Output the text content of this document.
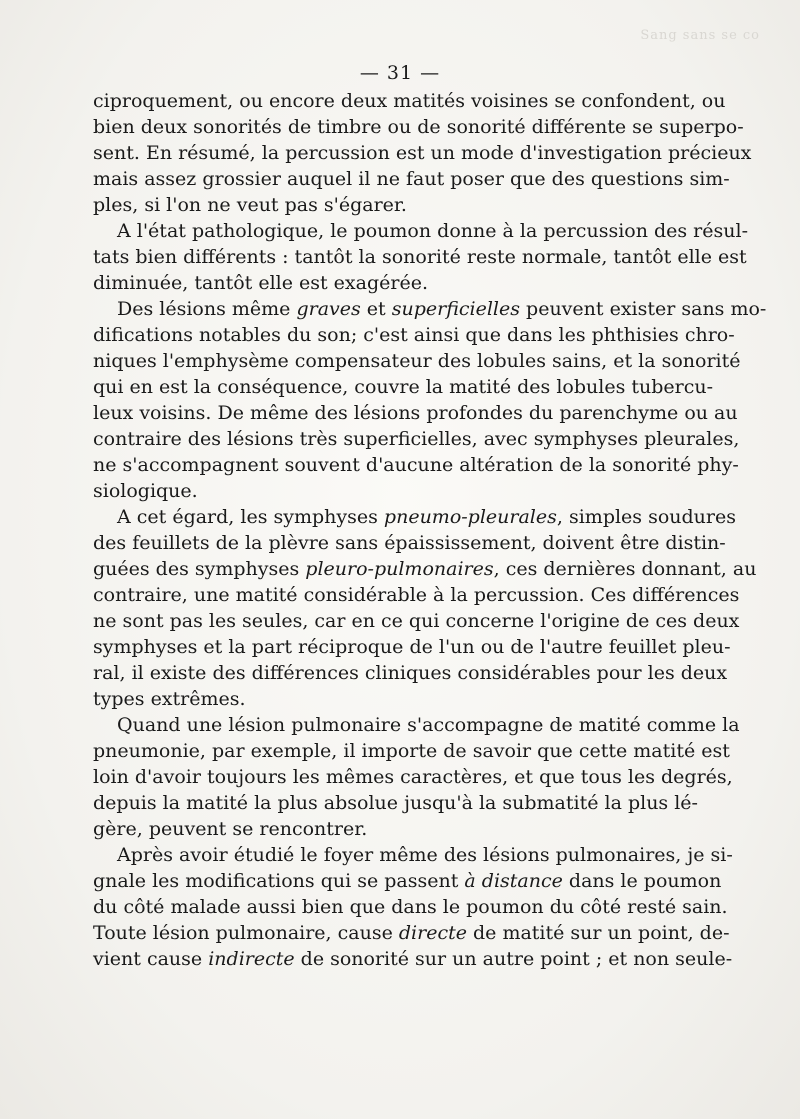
Sang sans se co
— 31 —

ciproquement, ou encore deux matités voisines se confondent, ou
bien deux sonorités de timbre ou de sonorité différente se superpo-
sent. En résumé, la percussion est un mode d'investigation précieux
mais assez grossier auquel il ne faut poser que des questions sim-
ples, si l'on ne veut pas s'égarer.

A l'état pathologique, le poumon donne à la percussion des résul-
tats bien différents : tantôt la sonorité reste normale, tantôt elle est
diminuée, tantôt elle est exagérée.

Des lésions même graves et superficielles peuvent exister sans mo-
difications notables du son; c'est ainsi que dans les phthisies chro-
niques l'emphysème compensateur des lobules sains, et la sonorité
qui en est la conséquence, couvre la matité des lobules tubercu-
leux voisins. De même des lésions profondes du parenchyme ou au
contraire des lésions très superficielles, avec symphyses pleurales,
ne s'accompagnent souvent d'aucune altération de la sonorité phy-
siologique.

A cet égard, les symphyses pneumo-pleurales, simples soudures
des feuillets de la plèvre sans épaississement, doivent être distin-
guées des symphyses pleuro-pulmonaires, ces dernières donnant, au
contraire, une matité considérable à la percussion. Ces différences
ne sont pas les seules, car en ce qui concerne l'origine de ces deux
symphyses et la part réciproque de l'un ou de l'autre feuillet pleu-
ral, il existe des différences cliniques considérables pour les deux
types extrêmes.

Quand une lésion pulmonaire s'accompagne de matité comme la
pneumonie, par exemple, il importe de savoir que cette matité est
loin d'avoir toujours les mêmes caractères, et que tous les degrés,
depuis la matité la plus absolue jusqu'à la submatité la plus lé-
gère, peuvent se rencontrer.

Après avoir étudié le foyer même des lésions pulmonaires, je si-
gnale les modifications qui se passent à distance dans le poumon
du côté malade aussi bien que dans le poumon du côté resté sain.
Toute lésion pulmonaire, cause directe de matité sur un point, de-
vient cause indirecte de sonorité sur un autre point ; et non seule-
